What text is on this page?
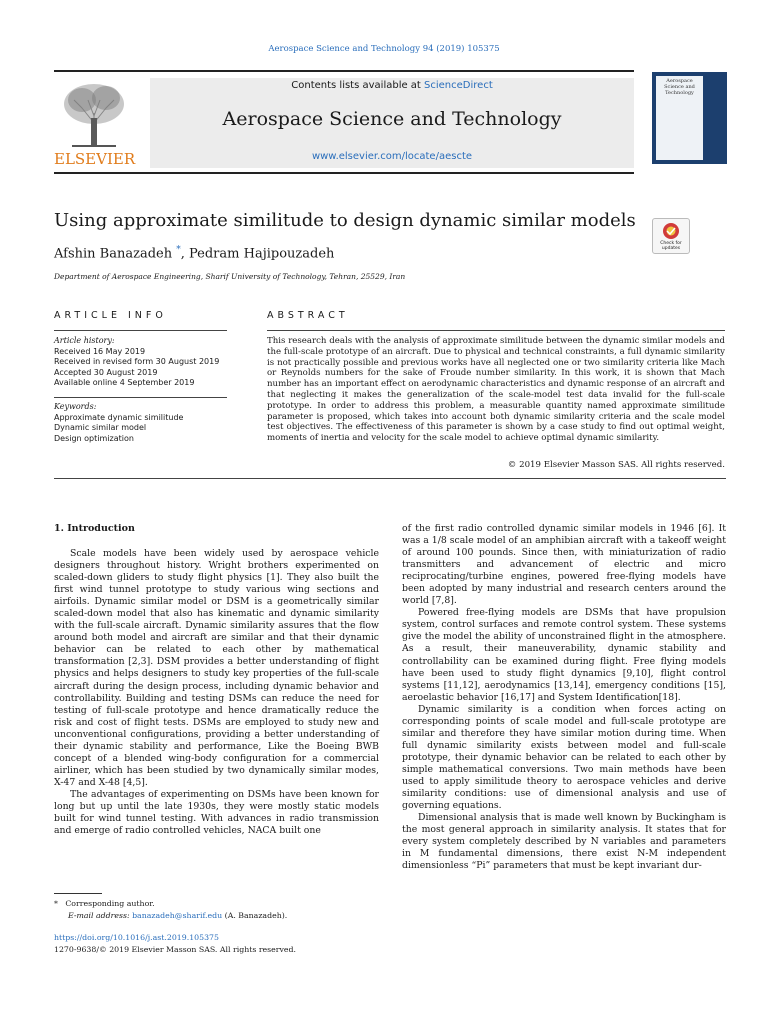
Aerospace Science and Technology 94 (2019) 105375
ELSEVIER
Contents lists available at ScienceDirect
Aerospace Science and Technology
www.elsevier.com/locate/aescte
Aerospace Science and Technology
Using approximate similitude to design dynamic similar models
Afshin Banazadeh *, Pedram Hajipouzadeh
Department of Aerospace Engineering, Sharif University of Technology, Tehran, 25529, Iran
Check for updates
ARTICLE INFO
Article history:
Received 16 May 2019
Received in revised form 30 August 2019
Accepted 30 August 2019
Available online 4 September 2019
Keywords:
Approximate dynamic similitude
Dynamic similar model
Design optimization
ABSTRACT
This research deals with the analysis of approximate similitude between the dynamic similar models and the full-scale prototype of an aircraft. Due to physical and technical constraints, a full dynamic similarity is not practically possible and previous works have all neglected one or two similarity criteria like Mach or Reynolds numbers for the sake of Froude number similarity. In this work, it is shown that Mach number has an important effect on aerodynamic characteristics and dynamic response of an aircraft and that neglecting it makes the generalization of the scale-model test data invalid for the full-scale prototype. In order to address this problem, a measurable quantity named approximate similitude parameter is proposed, which takes into account both dynamic similarity criteria and the scale model test objectives. The effectiveness of this parameter is shown by a case study to find out optimal weight, moments of inertia and velocity for the scale model to achieve optimal dynamic similarity.
© 2019 Elsevier Masson SAS. All rights reserved.
1. Introduction

Scale models have been widely used by aerospace vehicle designers throughout history. Wright brothers experimented on scaled-down gliders to study flight physics [1]. They also built the first wind tunnel prototype to study various wing sections and airfoils. Dynamic similar model or DSM is a geometrically similar scaled-down model that also has kinematic and dynamic similarity with the full-scale aircraft. Dynamic similarity assures that the flow around both model and aircraft are similar and that their dynamic behavior can be related to each other by mathematical transformation [2,3]. DSM provides a better understanding of flight physics and helps designers to study key properties of the full-scale aircraft during the design process, including dynamic behavior and controllability. Building and testing DSMs can reduce the need for testing of full-scale prototype and hence dramatically reduce the risk and cost of flight tests. DSMs are employed to study new and unconventional configurations, providing a better understanding of their dynamic stability and performance, Like the Boeing BWB concept of a blended wing-body configuration for a commercial airliner, which has been studied by two dynamically similar modes, X-47 and X-48 [4,5].

The advantages of experimenting on DSMs have been known for long but up until the late 1930s, they were mostly static models built for wind tunnel testing. With advances in radio transmission and emerge of radio controlled vehicles, NACA built one

of the first radio controlled dynamic similar models in 1946 [6]. It was a 1/8 scale model of an amphibian aircraft with a takeoff weight of around 100 pounds. Since then, with miniaturization of radio transmitters and advancement of electric and micro reciprocating/turbine engines, powered free-flying models have been adopted by many industrial and research centers around the world [7,8].

Powered free-flying models are DSMs that have propulsion system, control surfaces and remote control system. These systems give the model the ability of unconstrained flight in the atmosphere. As a result, their maneuverability, dynamic stability and controllability can be examined during flight. Free flying models have been used to study flight dynamics [9,10], flight control systems [11,12], aerodynamics [13,14], emergency conditions [15], aeroelastic behavior [16,17] and System Identification[18].

Dynamic similarity is a condition when forces acting on corresponding points of scale model and full-scale prototype are similar and therefore they have similar motion during time. When full dynamic similarity exists between model and full-scale prototype, their dynamic behavior can be related to each other by simple mathematical conversions. Two main methods have been used to apply similitude theory to aerospace vehicles and derive similarity conditions: use of dimensional analysis and use of governing equations.

Dimensional analysis that is made well known by Buckingham is the most general approach in similarity analysis. It states that for every system completely described by N variables and parameters in M fundamental dimensions, there exist N-M independent dimensionless “Pi” parameters that must be kept invariant dur-

* Corresponding author.
E-mail address: banazadeh@sharif.edu (A. Banazadeh).
https://doi.org/10.1016/j.ast.2019.105375
1270-9638/© 2019 Elsevier Masson SAS. All rights reserved.
